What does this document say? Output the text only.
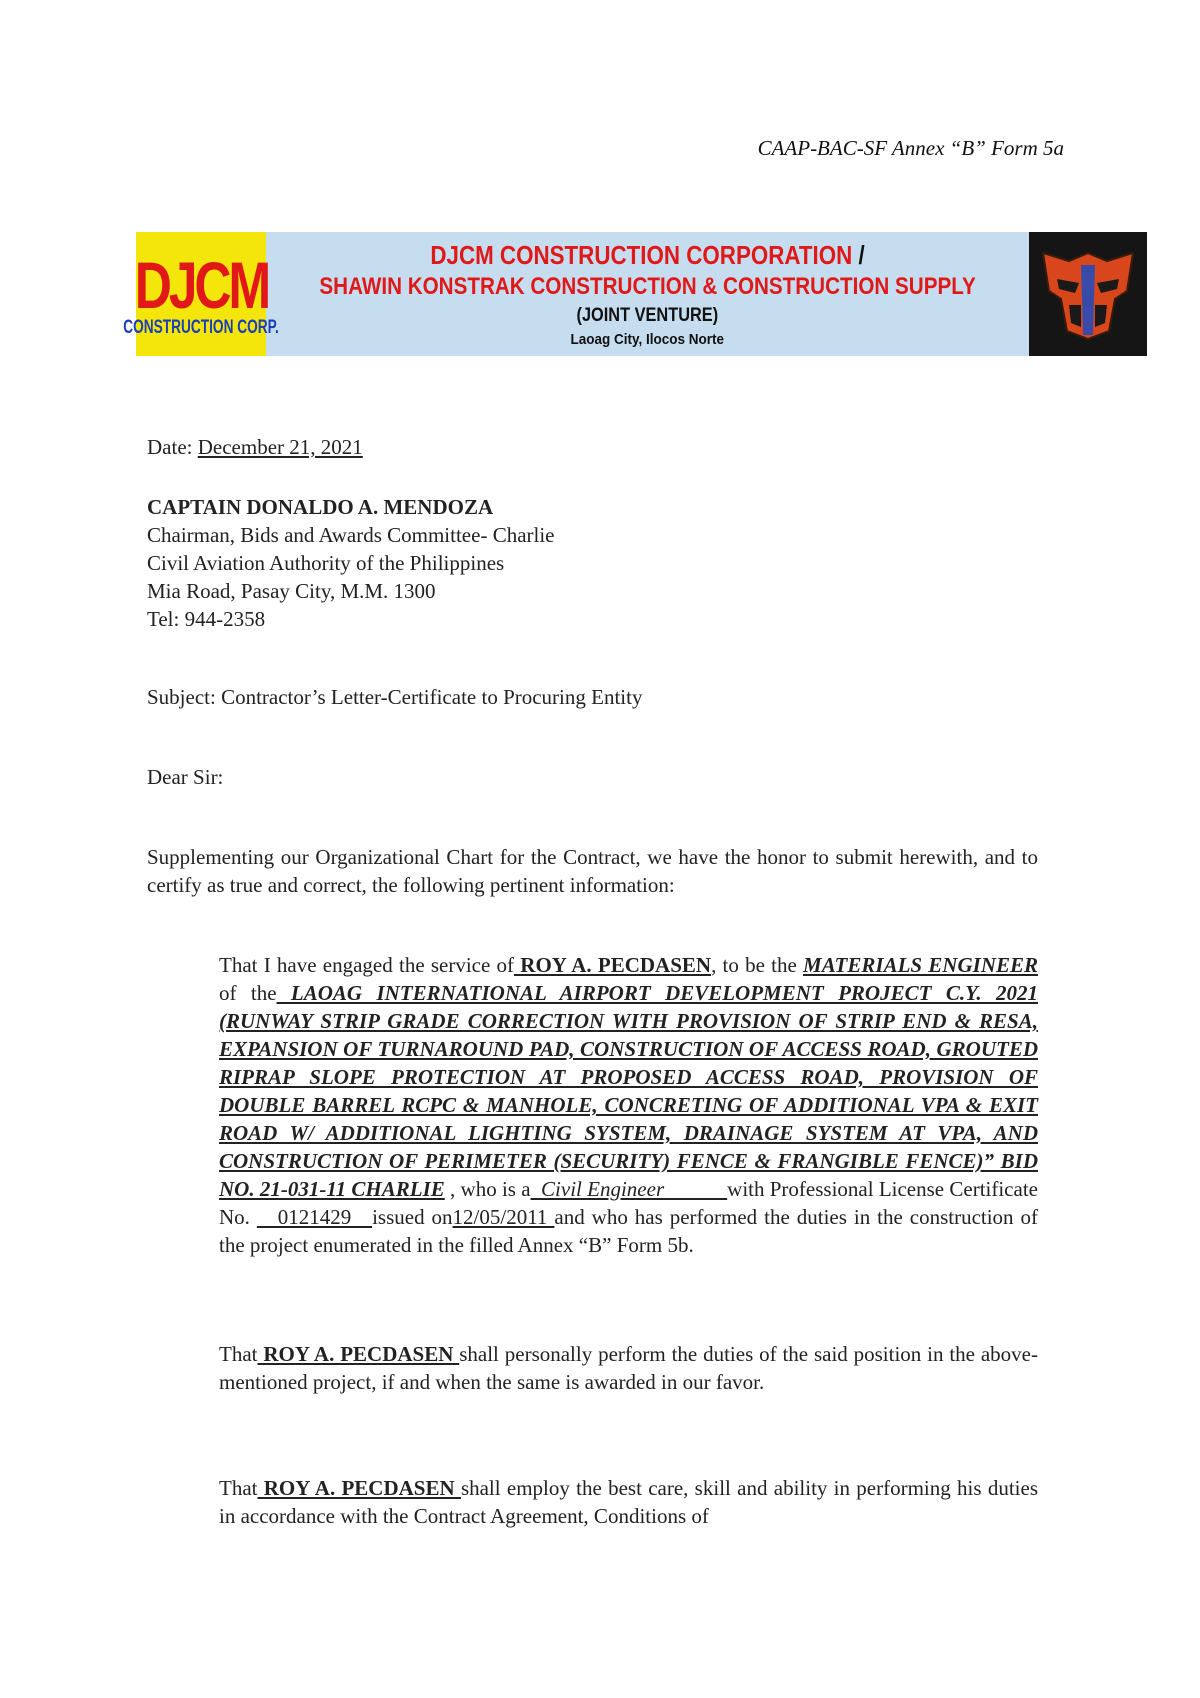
CAAP-BAC-SF Annex “B” Form 5a
DJCM
CONSTRUCTION CORP.
DJCM CONSTRUCTION CORPORATION /
SHAWIN KONSTRAK CONSTRUCTION & CONSTRUCTION SUPPLY
(JOINT VENTURE)
Laoag City, Ilocos Norte
Date: December 21, 2021
CAPTAIN DONALDO A. MENDOZA
Chairman, Bids and Awards Committee- Charlie
Civil Aviation Authority of the Philippines
Mia Road, Pasay City, M.M. 1300
Tel: 944-2358
Subject: Contractor’s Letter-Certificate to Procuring Entity
Dear Sir:
Supplementing our Organizational Chart for the Contract, we have the honor to submit herewith, and to certify as true and correct, the following pertinent information:
That I have engaged the service of ROY A. PECDASEN, to be the MATERIALS ENGINEER of the LAOAG INTERNATIONAL AIRPORT DEVELOPMENT PROJECT C.Y. 2021 (RUNWAY STRIP GRADE CORRECTION WITH PROVISION OF STRIP END & RESA, EXPANSION OF TURNAROUND PAD, CONSTRUCTION OF ACCESS ROAD, GROUTED RIPRAP SLOPE PROTECTION AT PROPOSED ACCESS ROAD, PROVISION OF DOUBLE BARREL RCPC & MANHOLE, CONCRETING OF ADDITIONAL VPA & EXIT ROAD W/ ADDITIONAL LIGHTING SYSTEM, DRAINAGE SYSTEM AT VPA, AND CONSTRUCTION OF PERIMETER (SECURITY) FENCE & FRANGIBLE FENCE)” BID NO. 21-031-11 CHARLIE , who is a  Civil Engineer            with Professional License Certificate No.    0121429   issued on12/05/2011 and who has performed the duties in the construction of the project enumerated in the filled Annex “B” Form 5b.
That ROY A. PECDASEN shall personally perform the duties of the said position in the above-mentioned project, if and when the same is awarded in our favor.
That ROY A. PECDASEN shall employ the best care, skill and ability in performing his duties in accordance with the Contract Agreement, Conditions of
